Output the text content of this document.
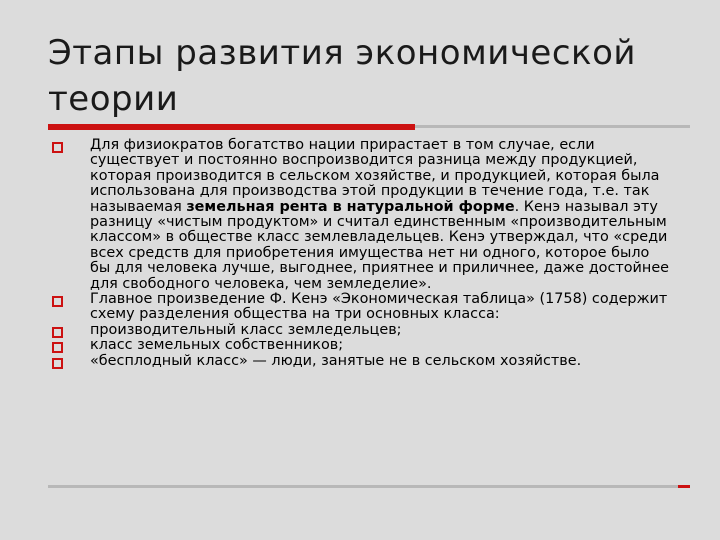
Этапы развития экономической теории
Для физиократов богатство нации прирастает в том случае, если существует и постоянно воспроизводится разница между продукцией, которая производится в сельском хозяйстве, и продукцией, которая была использована для производства этой продукции в течение года, т.е. так называемая земельная рента в натуральной форме. Кенэ называл эту разницу «чистым продуктом» и считал единственным «производительным классом» в обществе класс землевладельцев. Кенэ утверждал, что «среди всех средств для приобретения имущества нет ни одного, которое было бы для человека лучше, выгоднее, приятнее и приличнее, даже достойнее для свободного человека, чем земледелие».
Главное произведение Ф. Кенэ «Экономическая таблица» (1758) содержит схему разделения общества на три основных класса:
производительный класс земледельцев;
класс земельных собственников;
«бесплодный класс» — люди, занятые не в сельском хозяйстве.
